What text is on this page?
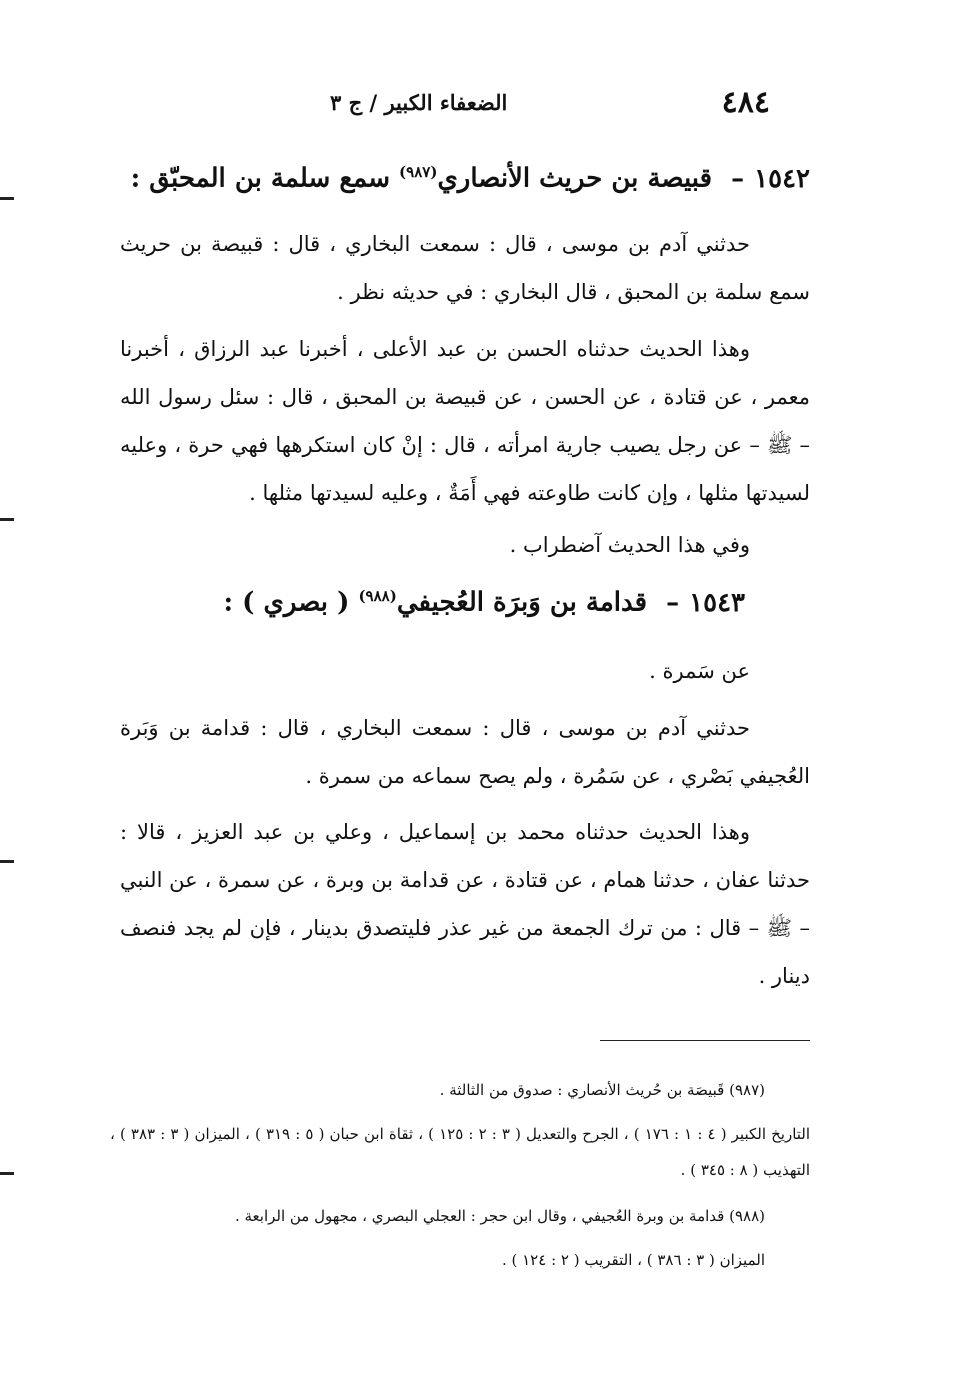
٤٨٤
الضعفاء الكبير / ج ٣
١٥٤٢– قبيصة بن حريث الأنصاري$^{(٩٨٧)}$ سمع سلمة بن المحبّق :

حدثني آدم بن موسى ، قال : سمعت البخاري ، قال : قبيصة بن حريث سمع سلمة بن المحبق ، قال البخاري : في حديثه نظر .

وهذا الحديث حدثناه الحسن بن عبد الأعلى ، أخبرنا عبد الرزاق ، أخبرنا معمر ، عن قتادة ، عن الحسن ، عن قبيصة بن المحبق ، قال : سئل رسول الله – ﷺ – عن رجل يصيب جارية امرأته ، قال : إنْ كان استكرهها فهي حرة ، وعليه لسيدتها مثلها ، وإن كانت طاوعته فهي أَمَةٌ ، وعليه لسيدتها مثلها .

وفي هذا الحديث آضطراب .

١٥٤٣– قدامة بن وَبرَة العُجيفي$^{(٩٨٨)}$ ( بصري ) :

عن سَمرة .

حدثني آدم بن موسى ، قال : سمعت البخاري ، قال : قدامة بن وَبَرة العُجيفي بَصْري ، عن سَمُرة ، ولم يصح سماعه من سمرة .

وهذا الحديث حدثناه محمد بن إسماعيل ، وعلي بن عبد العزيز ، قالا : حدثنا عفان ، حدثنا همام ، عن قتادة ، عن قدامة بن وبرة ، عن سمرة ، عن النبي – ﷺ – قال : من ترك الجمعة من غير عذر فليتصدق بدينار ، فإن لم يجد فنصف دينار .

(٩٨٧) قَبيصَة بن حُريث الأنصاري : صدوق من الثالثة .

التاريخ الكبير ( ٤ : ١ : ١٧٦ ) ، الجرح والتعديل ( ٣ : ٢ : ١٢٥ ) ، ثقاة ابن حبان ( ٥ : ٣١٩ ) ، الميزان ( ٣ : ٣٨٣ ) ، التهذيب ( ٨ : ٣٤٥ ) .

(٩٨٨) قدامة بن وبرة العُجيفي ، وقال ابن حجر : العجلي البصري ، مجهول من الرابعة .

الميزان ( ٣ : ٣٨٦ ) ، التقريب ( ٢ : ١٢٤ ) .
